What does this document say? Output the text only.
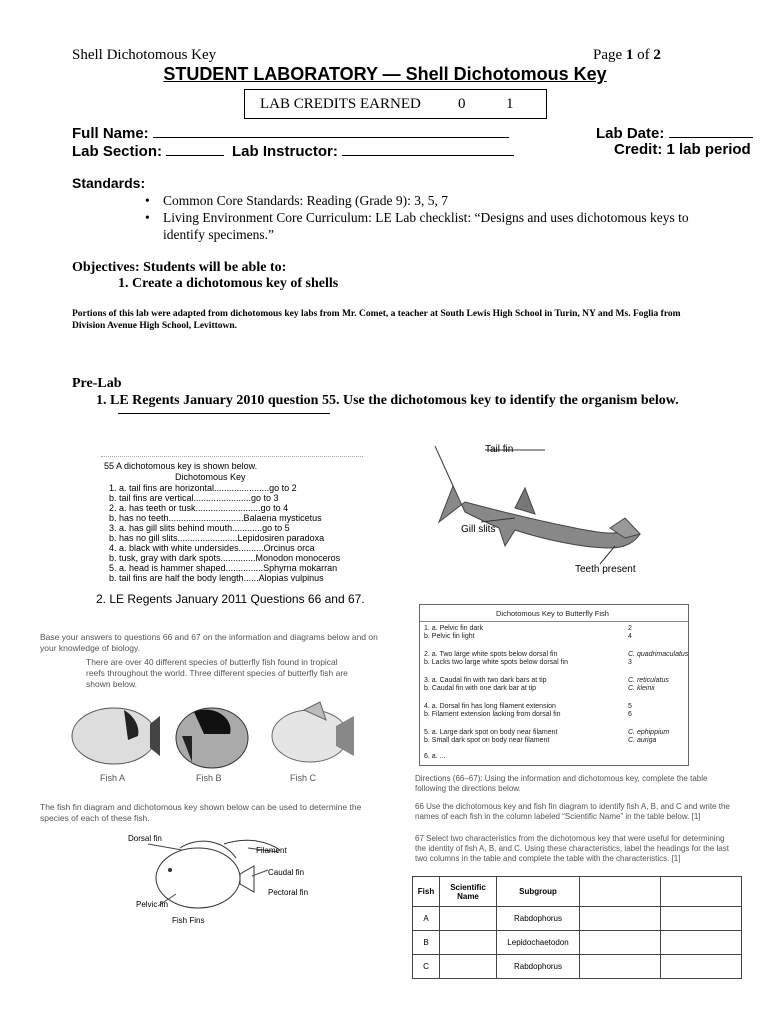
Shell Dichotomous Key	Page 1 of 2
STUDENT LABORATORY — Shell Dichotomous Key
LAB CREDITS EARNED 0	1
Full Name:	Lab Date:
Lab Section:	Lab Instructor:	Credit: 1 lab period
Standards:
• Common Core Standards: Reading (Grade 9): 3, 5, 7
• Living Environment Core Curriculum: LE Lab checklist: “Designs and uses dichotomous keys to identify specimens.”
Objectives: Students will be able to:
1. Create a dichotomous key of shells
Portions of this lab were adapted from dichotomous key labs from Mr. Comet, a teacher at South Lewis High School in Turin, NY and Ms. Foglia from Division Avenue High School, Levittown.
Pre-Lab
1. LE Regents January 2010 question 55. Use the dichotomous key to identify the organism below.
55 A dichotomous key is shown below.
Dichotomous Key
1. a. tail fins are horizontal......................go to 2
b. tail fins are vertical.......................go to 3
2. a. has teeth or tusk..........................go to 4
b. has no teeth..............................Balaena mysticetus
3. a. has gill slits behind mouth............go to 5
b. has no gill slits........................Lepidosiren paradoxa
4. a. black with white undersides..........Orcinus orca
b. tusk, gray with dark spots..............Monodon monoceros
5. a. head is hammer shaped...............Sphyrna mokarran
b. tail fins are half the body length......Alopias vulpinus
Tail fin
Gill slits
Teeth present
2. LE Regents January 2011 Questions 66 and 67.
Base your answers to questions 66 and 67 on the information and diagrams below and on your knowledge of biology.
There are over 40 different species of butterfly fish found in tropical reefs throughout the world. Three different species of butterfly fish are shown below.
Fish A	Fish B	Fish C
The fish fin diagram and dichotomous key shown below can be used to determine the species of each of these fish.
Dorsal fin
Filament
Caudal fin
Pectoral fin
Pelvic fin
Fish Fins
Dichotomous Key to Butterfly Fish
1. a. Pelvic fin dark	2
b. Pelvic fin light	4
2. a. Two large white spots below dorsal fin	C. quadrimaculatus
b. Lacks two large white spots below dorsal fin	3
3. a. Caudal fin with two dark bars at tip	C. reticulatus
b. Caudal fin with one dark bar at tip	C. kleinii
4. a. Dorsal fin has long filament extension	5
b. Filament extension lacking from dorsal fin	6
5. a. Large dark spot on body near filament	C. ephippium
b. Small dark spot on body near filament	C. auriga
6. a. ...
Directions (66–67): Using the information and dichotomous key, complete the table following the directions below.
66 Use the dichotomous key and fish fin diagram to identify fish A, B, and C and write the names of each fish in the column labeled “Scientific Name” in the table below. [1]
67 Select two characteristics from the dichotomous key that were useful for determining the identity of fish A, B, and C. Using these characteristics, label the headings for the last two columns in the table and complete the table with the characteristics. [1]
Fish	Scientific Name	Subgroup		
A		Rabdophorus		
B		Lepidochaetodon		
C		Rabdophorus		
